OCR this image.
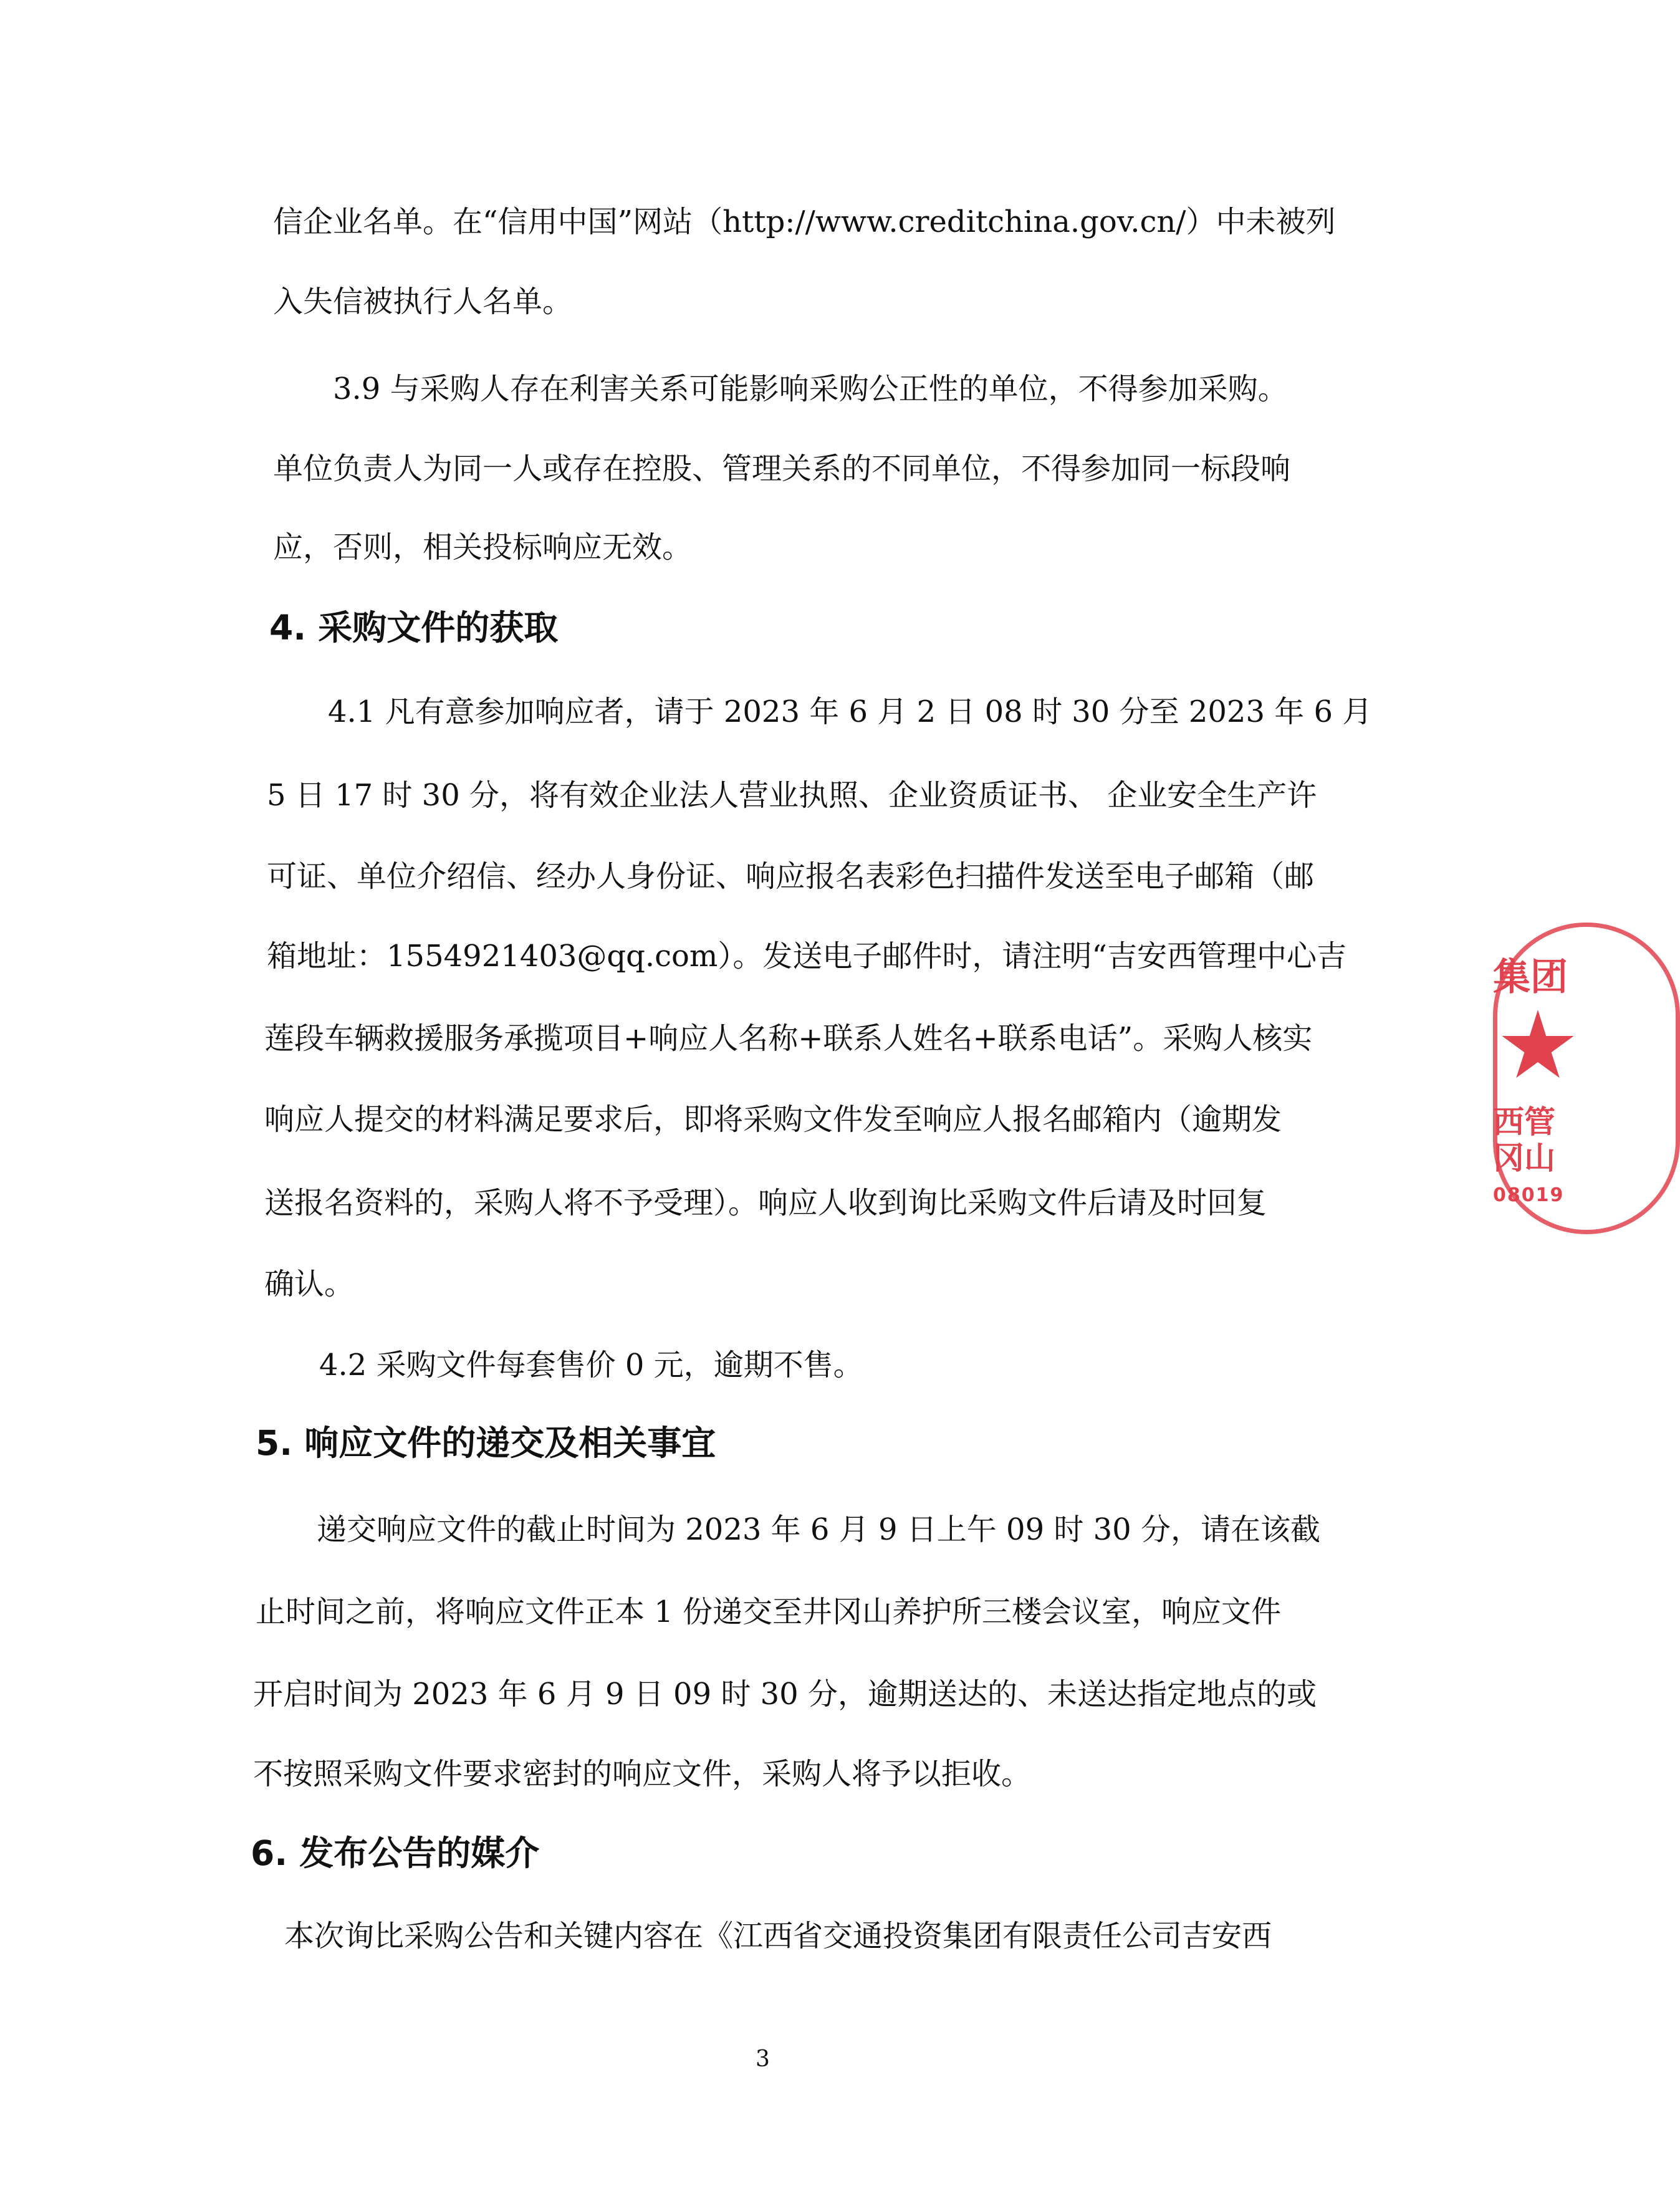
信企业名单。在“信用中国”网站（http://www.creditchina.gov.cn/）中未被列
入失信被执行人名单。
3.9 与采购人存在利害关系可能影响采购公正性的单位，不得参加采购。
单位负责人为同一人或存在控股、管理关系的不同单位，不得参加同一标段响
应，否则，相关投标响应无效。
4. 采购文件的获取
4.1 凡有意参加响应者，请于 2023 年 6 月 2 日 08 时 30 分至 2023 年 6 月
5 日 17 时 30 分，将有效企业法人营业执照、企业资质证书、 企业安全生产许
可证、单位介绍信、经办人身份证、响应报名表彩色扫描件发送至电子邮箱（邮
箱地址：1554921403@qq.com）。发送电子邮件时，请注明“吉安西管理中心吉
莲段车辆救援服务承揽项目+响应人名称+联系人姓名+联系电话”。采购人核实
响应人提交的材料满足要求后，即将采购文件发至响应人报名邮箱内（逾期发
送报名资料的，采购人将不予受理）。响应人收到询比采购文件后请及时回复
确认。
4.2 采购文件每套售价 0 元，逾期不售。
5. 响应文件的递交及相关事宜
递交响应文件的截止时间为 2023 年 6 月 9 日上午 09 时 30 分，请在该截
止时间之前，将响应文件正本 1 份递交至井冈山养护所三楼会议室，响应文件
开启时间为 2023 年 6 月 9 日 09 时 30 分，逾期送达的、未送达指定地点的或
不按照采购文件要求密封的响应文件，采购人将予以拒收。
6. 发布公告的媒介
本次询比采购公告和关键内容在《江西省交通投资集团有限责任公司吉安西
3
集团
西管
冈山
08019
